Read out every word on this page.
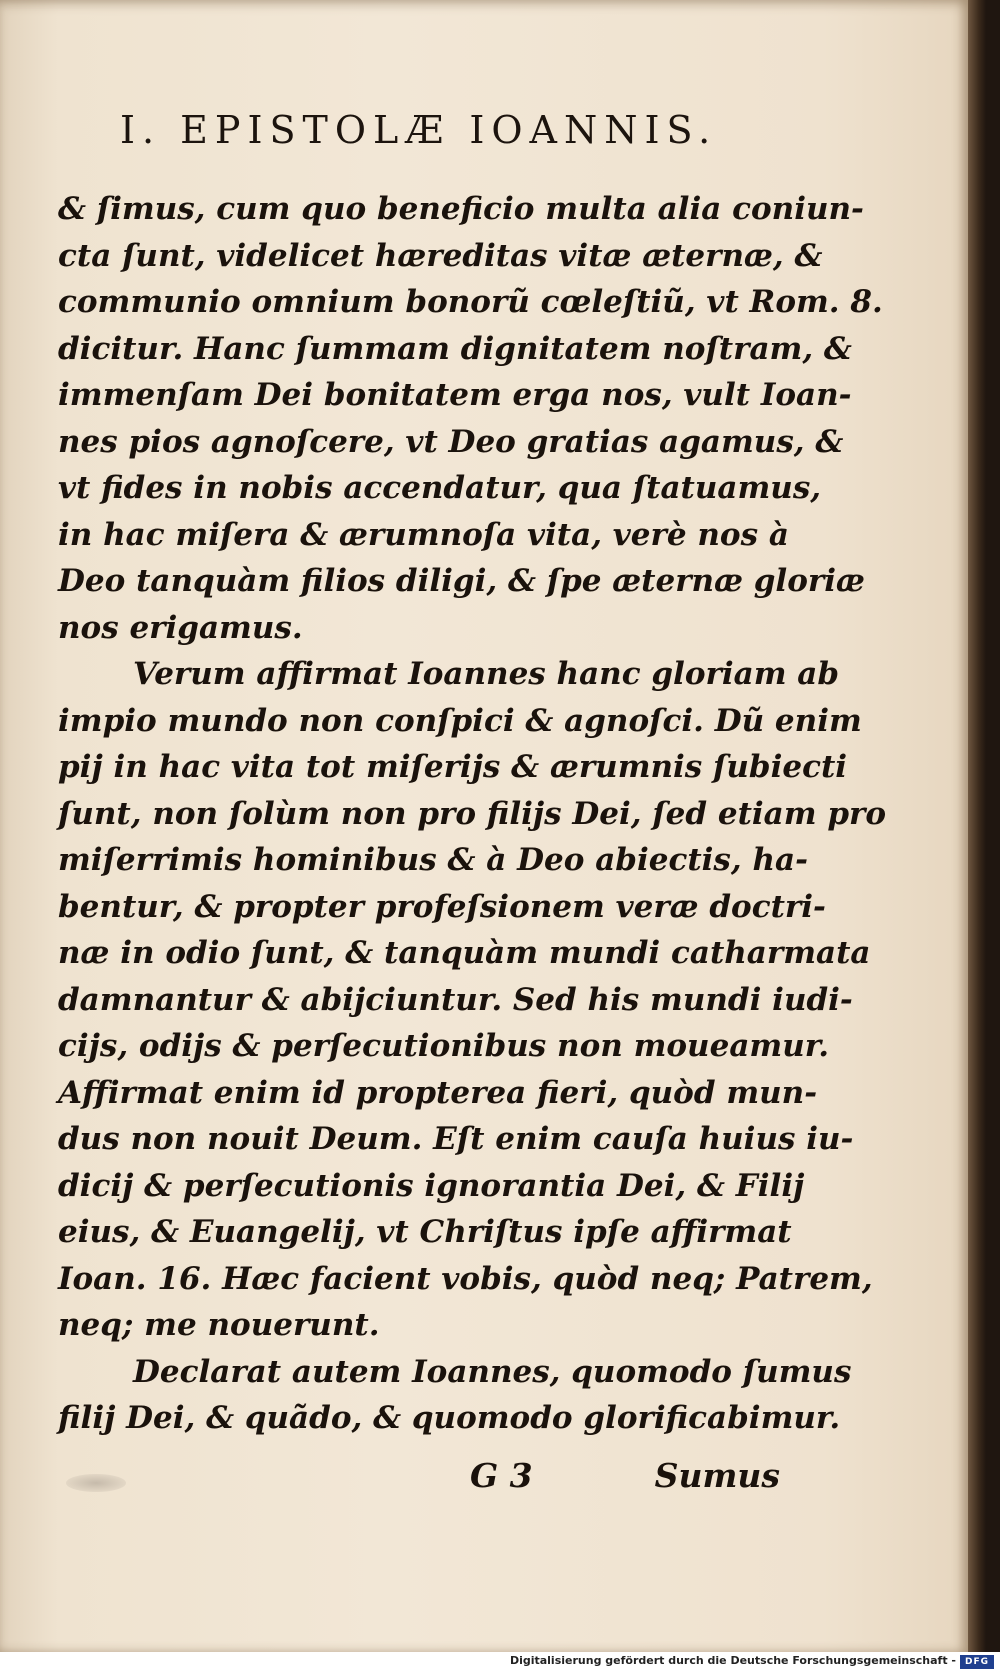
I. EPISTOLÆ IOANNIS.
& ſimus, cum quo beneficio multa alia coniun-
cta ſunt, videlicet hæreditas vitæ æternæ, &
communio omnium bonorũ cœleſtiũ, vt Rom. 8.
dicitur. Hanc ſummam dignitatem noſtram, &
immenſam Dei bonitatem erga nos, vult Ioan-
nes pios agnoſcere, vt Deo gratias agamus, &
vt fides in nobis accendatur, qua ſtatuamus,
in hac miſera & ærumnoſa vita, verè nos à
Deo tanquàm filios diligi, & ſpe æternæ gloriæ
nos erigamus.
Verum affirmat Ioannes hanc gloriam ab
impio mundo non conſpici & agnoſci. Dũ enim
pij in hac vita tot miſerijs & ærumnis ſubiecti
ſunt, non ſolùm non pro filijs Dei, ſed etiam pro
miſerrimis hominibus & à Deo abiectis, ha-
bentur, & propter profeſsionem veræ doctri-
næ in odio ſunt, & tanquàm mundi catharmata
damnantur & abijciuntur. Sed his mundi iudi-
cijs, odijs & perſecutionibus non moueamur.
Affirmat enim id propterea fieri, quòd mun-
dus non nouit Deum. Eſt enim cauſa huius iu-
dicij & perſecutionis ignorantia Dei, & Filij
eius, & Euangelij, vt Chriſtus ipſe affirmat
Ioan. 16. Hæc facient vobis, quòd neq; Patrem,
neq; me nouerunt.
Declarat autem Ioannes, quomodo ſumus
filij Dei, & quãdo, & quomodo glorificabimur.
G 3	Sumus
Digitalisierung gefördert durch die Deutsche Forschungsgemeinschaft - DFG
